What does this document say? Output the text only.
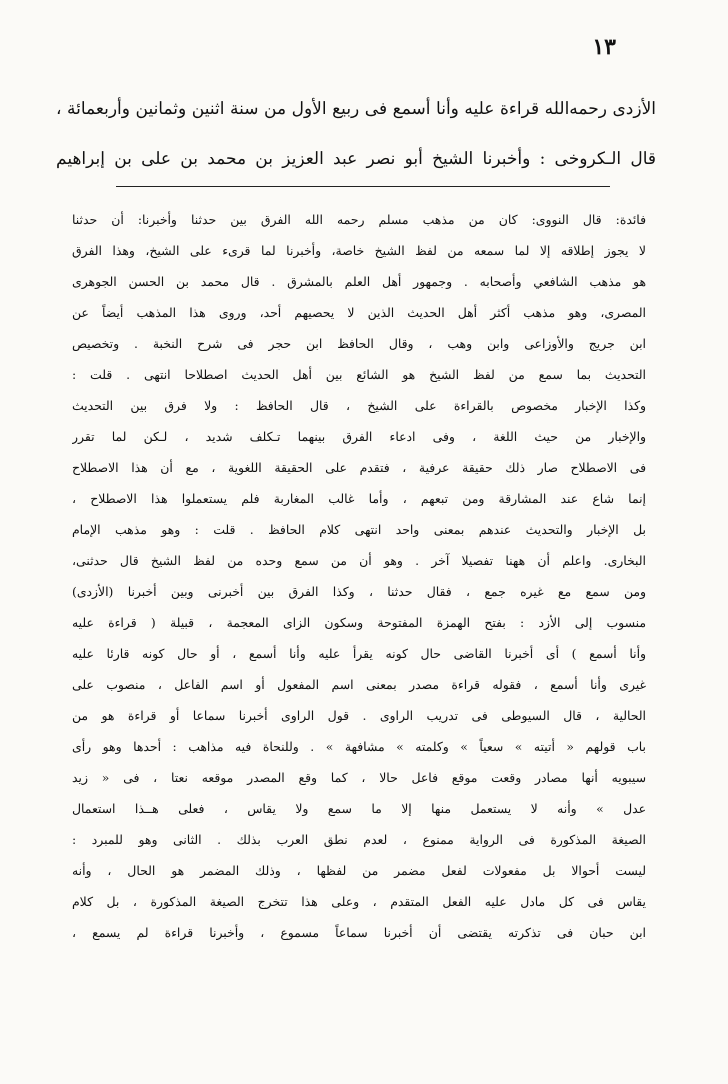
١٣
الأزدى رحمه‌الله قراءة عليه وأنا أسمع فى ربيع الأول من سنة اثنين وثمانين وأربعمائة ،
قال الـكروخى : وأخبرنا الشيخ أبو نصر عبد العزيز بن محمد بن على بن إبراهيم
فائدة: قال النووى: كان من مذهب مسلم رحمه الله الفرق بين حدثنا وأخبرنا: أن حدثنا
لا يجوز إطلاقه إلا لما سمعه من لفظ الشيخ خاصة، وأخبرنا لما قرىء على الشيخ، وهذا الفرق
هو مذهب الشافعي وأصحابه . وجمهور أهل العلم بالمشرق . قال محمد بن الحسن الجوهرى
المصرى، وهو مذهب أكثر أهل الحديث الذين لا يحصيهم أحد، وروى هذا المذهب أيضاً عن
ابن جريج والأوزاعى وابن وهب ، وقال الحافظ ابن حجر فى شرح النخبة . وتخصيص
التحديث بما سمع من لفظ الشيخ هو الشائع بين أهل الحديث اصطلاحا انتهى . قلت :
وكذا الإخبار مخصوص بالقراءة على الشيخ ، قال الحافظ : ولا فرق بين التحديث
والإخبار من حيث اللغة ، وفى ادعاء الفرق بينهما تـكلف شديد ، لـكن لما تقرر
فى الاصطلاح صار ذلك حقيقة عرفية ، فتقدم على الحقيقة اللغوية ، مع أن هذا الاصطلاح
إنما شاع عند المشارقة ومن تبعهم ، وأما غالب المغاربة فلم يستعملوا هذا الاصطلاح ،
بل الإخبار والتحديث عندهم بمعنى واحد انتهى كلام الحافظ . قلت : وهو مذهب الإمام
البخارى. واعلم أن ههنا تفصيلا آخر . وهو أن من سمع وحده من لفظ الشيخ قال حدثنى،
ومن سمع مع غيره جمع ، فقال حدثنا ، وكذا الفرق بين أخبرنى وبين أخبرنا (الأزدى)
منسوب إلى الأزد : بفتح الهمزة المفتوحة وسكون الزاى المعجمة ، قبيلة ( قراءة عليه
وأنا أسمع ) أى أخبرنا القاضى حال كونه يقرأ عليه وأنا أسمع ، أو حال كونه قارئا عليه
غيرى وأنا أسمع ، فقوله قراءة مصدر بمعنى اسم المفعول أو اسم الفاعل ، منصوب على
الحالية ، قال السيوطى فى تدريب الراوى . قول الراوى أخبرنا سماعا أو قراءة هو من
باب قولهم « أتيته » سعياً » وكلمته » مشافهة » . وللنحاة فيه مذاهب : أحدها وهو رأى
سيبويه أنها مصادر وقعت موقع فاعل حالا ، كما وقع المصدر موقعه نعتا ، فى « زيد
عدل » وأنه لا يستعمل منها إلا ما سمع ولا يقاس ، فعلى هــذا استعمال
الصيغة المذكورة فى الرواية ممنوع ، لعدم نطق العرب بذلك . الثانى وهو للمبرد :
ليست أحوالا بل مفعولات لفعل مضمر من لفظها ، وذلك المضمر هو الحال ، وأنه
يقاس فى كل مادل عليه الفعل المتقدم ، وعلى هذا تتخرج الصيغة المذكورة ، بل كلام
ابن حبان فى تذكرته يقتضى أن أخبرنا سماعاً مسموع ، وأخبرنا قراءة لم يسمع ،
